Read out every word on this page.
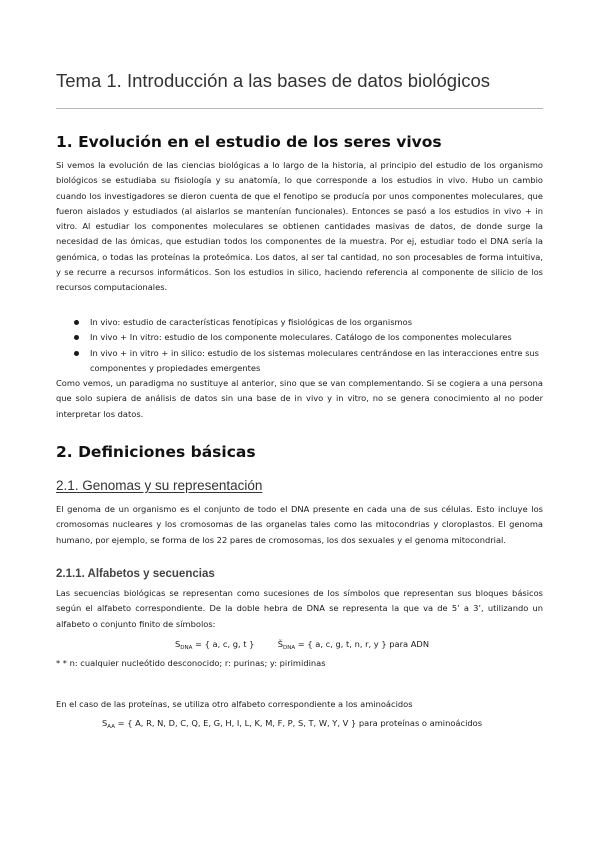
Tema 1. Introducción a las bases de datos biológicos
1. Evolución en el estudio de los seres vivos

Si vemos la evolución de las ciencias biológicas a lo largo de la historia, al principio del estudio de los organismo biológicos se estudiaba su fisiología y su anatomía, lo que corresponde a los estudios in vivo. Hubo un cambio cuando los investigadores se dieron cuenta de que el fenotipo se producía por unos componentes moleculares, que fueron aislados y estudiados (al aislarlos se mantenían funcionales). Entonces se pasó a los estudios in vivo + in vitro. Al estudiar los componentes moleculares se obtienen cantidades masivas de datos, de donde surge la necesidad de las ómicas, que estudian todos los componentes de la muestra. Por ej, estudiar todo el DNA sería la genómica, o todas las proteínas la proteómica. Los datos, al ser tal cantidad, no son procesables de forma intuitiva, y se recurre a recursos informáticos. Son los estudios in silico, haciendo referencia al componente de silicio de los recursos computacionales.

In vivo: estudio de características fenotípicas y fisiológicas de los organismos
In vivo + In vitro: estudio de los componente moleculares. Catálogo de los componentes moleculares
In vivo + in vitro + in silico: estudio de los sistemas moleculares centrándose en las interacciones entre sus componentes y propiedades emergentes

Como vemos, un paradigma no sustituye al anterior, sino que se van complementando. Si se cogiera a una persona que solo supiera de análisis de datos sin una base de in vivo y in vitro, no se genera conocimiento al no poder interpretar los datos.

2. Definiciones básicas
2.1. Genomas y su representación

El genoma de un organismo es el conjunto de todo el DNA presente en cada una de sus células. Esto incluye los cromosomas nucleares y los cromosomas de las organelas tales como las mitocondrias y cloroplastos. El genoma humano, por ejemplo, se forma de los 22 pares de cromosomas, los dos sexuales y el genoma mitocondrial.

2.1.1. Alfabetos y secuencias

Las secuencias biológicas se representan como sucesiones de los símbolos que representan sus bloques básicos según el alfabeto correspondiente. De la doble hebra de DNA se representa la que va de 5’ a 3’, utilizando un alfabeto o conjunto finito de símbolos:

$S_{DNA}$ = { a, c, g, t }	$Š_{DNA}$ = { a, c, g, t, n, r, y } para ADN

* * n: cualquier nucleótido desconocido; r: purinas; y: pirimidinas

En el caso de las proteínas, se utiliza otro alfabeto correspondiente a los aminoácidos

$S_{AA}$ = { A, R, N, D, C, Q, E, G, H, I, L, K, M, F, P, S, T, W, Y, V } para proteínas o aminoácidos
